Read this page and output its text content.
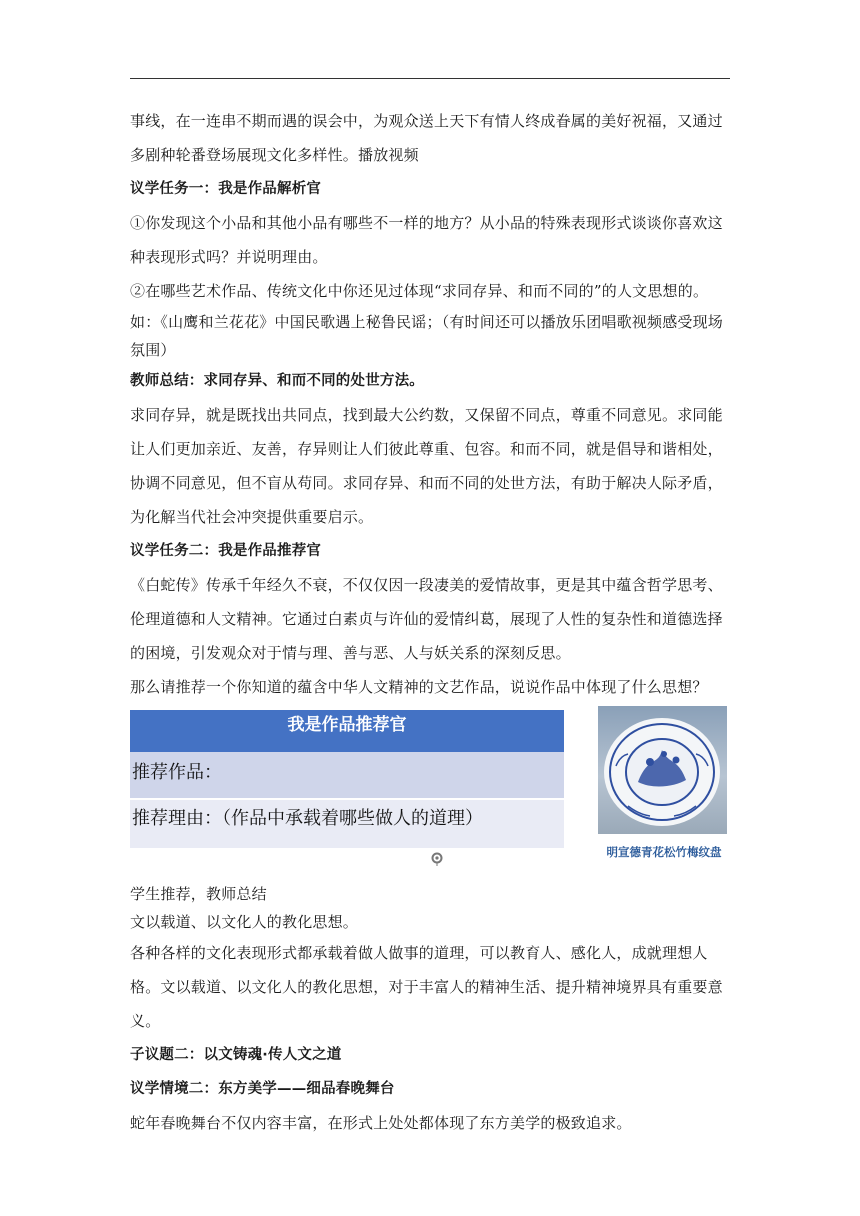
事线，在一连串不期而遇的误会中，为观众送上天下有情人终成眷属的美好祝福，又通过多剧种轮番登场展现文化多样性。播放视频

议学任务一：我是作品解析官

①你发现这个小品和其他小品有哪些不一样的地方？从小品的特殊表现形式谈谈你喜欢这种表现形式吗？并说明理由。

②在哪些艺术作品、传统文化中你还见过体现“求同存异、和而不同的”的人文思想的。

如：《山鹰和兰花花》中国民歌遇上秘鲁民谣；（有时间还可以播放乐团唱歌视频感受现场氛围）

教师总结：求同存异、和而不同的处世方法。

求同存异，就是既找出共同点，找到最大公约数，又保留不同点，尊重不同意见。求同能让人们更加亲近、友善，存异则让人们彼此尊重、包容。和而不同，就是倡导和谐相处，协调不同意见，但不盲从苟同。求同存异、和而不同的处世方法，有助于解决人际矛盾，为化解当代社会冲突提供重要启示。

议学任务二：我是作品推荐官

《白蛇传》传承千年经久不衰，不仅仅因一段凄美的爱情故事，更是其中蕴含哲学思考、伦理道德和人文精神。它通过白素贞与许仙的爱情纠葛，展现了人性的复杂性和道德选择的困境，引发观众对于情与理、善与恶、人与妖关系的深刻反思。

那么请推荐一个你知道的蕴含中华人文精神的文艺作品，说说作品中体现了什么思想？

我是作品推荐官
推荐作品：
推荐理由：（作品中承载着哪些做人的道理）
明宣德青花松竹梅纹盘

学生推荐，教师总结

文以载道、以文化人的教化思想。

各种各样的文化表现形式都承载着做人做事的道理，可以教育人、感化人，成就理想人格。文以载道、以文化人的教化思想，对于丰富人的精神生活、提升精神境界具有重要意义。

子议题二：以文铸魂·传人文之道

议学情境二：东方美学——细品春晚舞台

蛇年春晚舞台不仅内容丰富，在形式上处处都体现了东方美学的极致追求。
